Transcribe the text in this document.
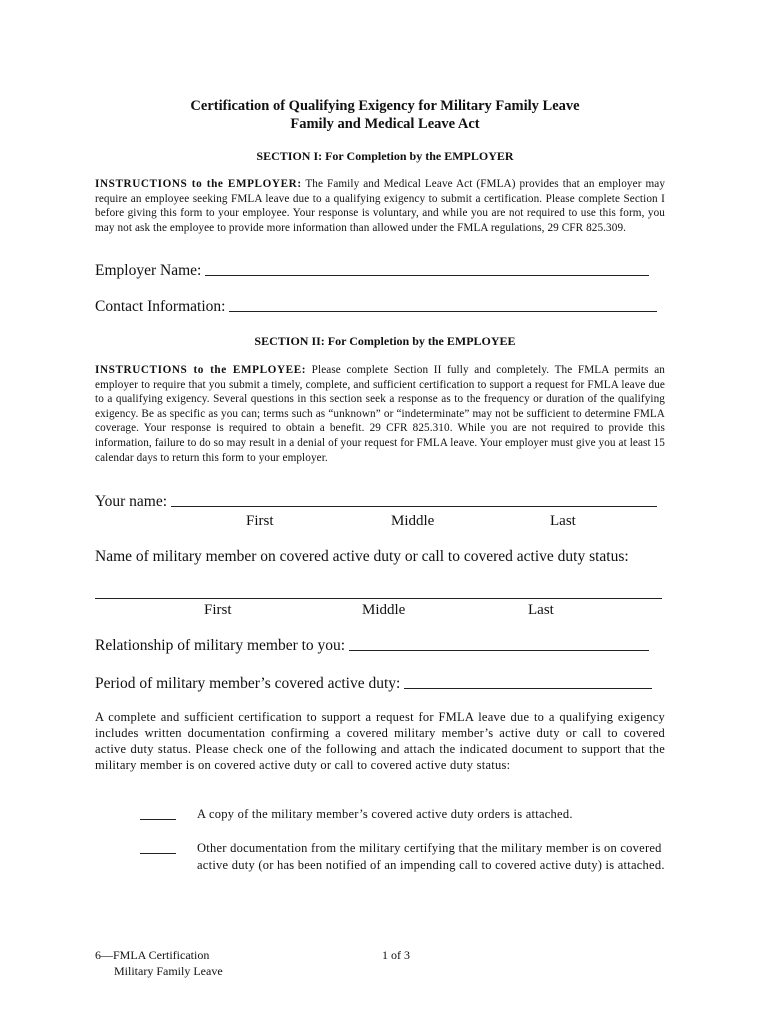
Certification of Qualifying Exigency for Military Family Leave
Family and Medical Leave Act
SECTION I: For Completion by the EMPLOYER
INSTRUCTIONS to the EMPLOYER: The Family and Medical Leave Act (FMLA) provides that an employer may require an employee seeking FMLA leave due to a qualifying exigency to submit a certification. Please complete Section I before giving this form to your employee. Your response is voluntary, and while you are not required to use this form, you may not ask the employee to provide more information than allowed under the FMLA regulations, 29 CFR 825.309.
Employer Name:
Contact Information:
SECTION II: For Completion by the EMPLOYEE
INSTRUCTIONS to the EMPLOYEE: Please complete Section II fully and completely. The FMLA permits an employer to require that you submit a timely, complete, and sufficient certification to support a request for FMLA leave due to a qualifying exigency. Several questions in this section seek a response as to the frequency or duration of the qualifying exigency. Be as specific as you can; terms such as “unknown” or “indeterminate” may not be sufficient to determine FMLA coverage. Your response is required to obtain a benefit. 29 CFR 825.310. While you are not required to provide this information, failure to do so may result in a denial of your request for FMLA leave. Your employer must give you at least 15 calendar days to return this form to your employer.
Your name:
First	Middle	Last
Name of military member on covered active duty or call to covered active duty status:
First	Middle	Last
Relationship of military member to you:
Period of military member’s covered active duty:
A complete and sufficient certification to support a request for FMLA leave due to a qualifying exigency includes written documentation confirming a covered military member’s active duty or call to covered active duty status. Please check one of the following and attach the indicated document to support that the military member is on covered active duty or call to covered active duty status:
A copy of the military member’s covered active duty orders is attached.
Other documentation from the military certifying that the military member is on covered active duty (or has been notified of an impending call to covered active duty) is attached.
6—FMLA Certification
Military Family Leave
1 of 3
